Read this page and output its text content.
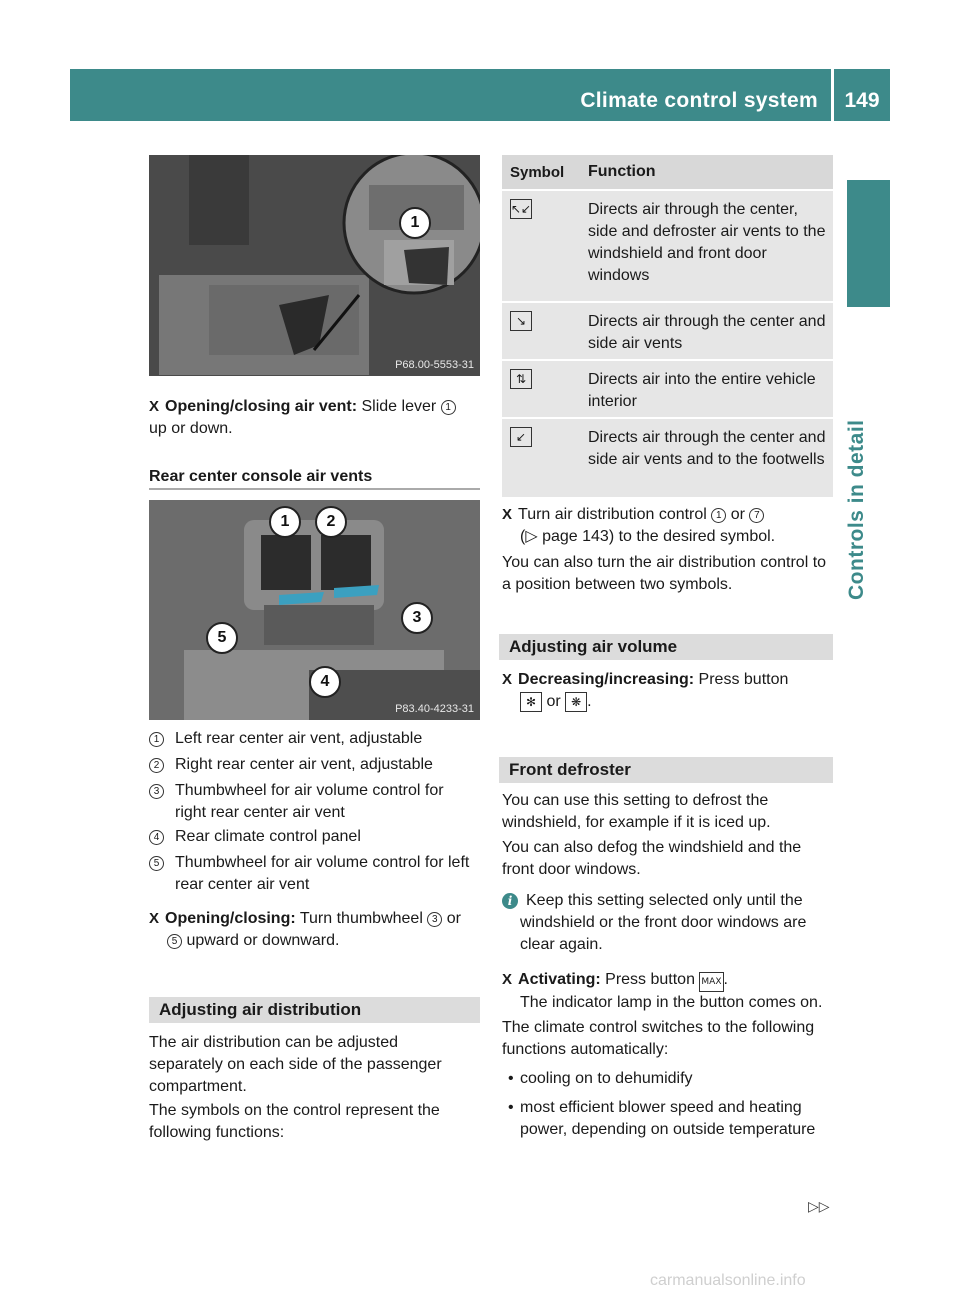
Climate control system	149
Controls in detail
1
P68.00-5553-31
X Opening/closing air vent: Slide lever 1
up or down.
Rear center console air vents
1	2
3
4
5
P83.40-4233-31
1 Left rear center air vent, adjustable
2 Right rear center air vent, adjustable
3 Thumbwheel for air volume control for right rear center air vent
4 Rear climate control panel
5 Thumbwheel for air volume control for left rear center air vent
X Opening/closing: Turn thumbwheel 3 or
5 upward or downward.
Adjusting air distribution
The air distribution can be adjusted separately on each side of the passenger compartment.
The symbols on the control represent the following functions:
Symbol	Function
↖↙	Directs air through the center, side and defroster air vents to the windshield and front door windows
↘	Directs air through the center and side air vents
⇅	Directs air into the entire vehicle interior
↙	Directs air through the center and side air vents and to the footwells
X Turn air distribution control 1 or 7
(▷ page 143) to the desired symbol.
You can also turn the air distribution control to a position between two symbols.
Adjusting air volume
X Decreasing/increasing: Press button
✻ or ❋ .
Front defroster
You can use this setting to defrost the windshield, for example if it is iced up.
You can also defog the windshield and the front door windows.
i Keep this setting selected only until the windshield or the front door windows are clear again.
X Activating: Press button MAX .
The indicator lamp in the button comes on.
The climate control switches to the following functions automatically:
• cooling on to dehumidify
• most efficient blower speed and heating power, depending on outside temperature
▷▷
carmanualsonline.info
